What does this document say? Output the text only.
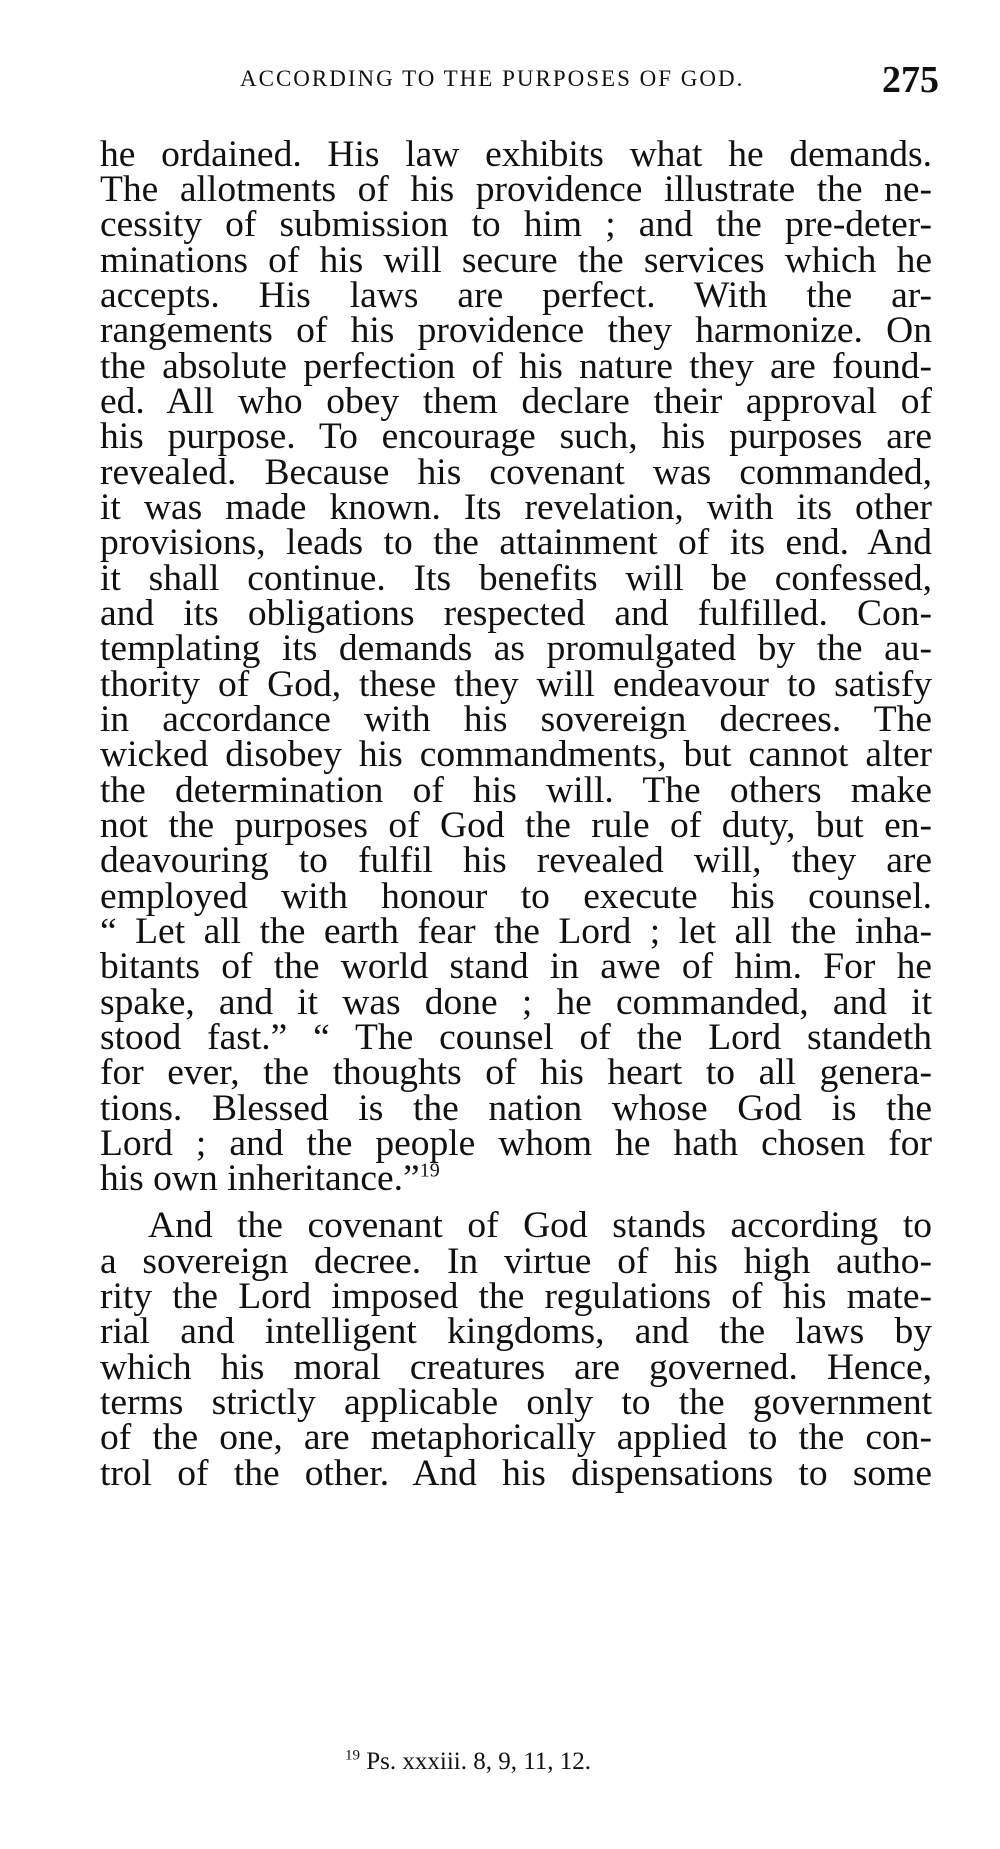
ACCORDING TO THE PURPOSES OF GOD.	275
he ordained. His law exhibits what he demands.
The allotments of his providence illustrate the ne-
cessity of submission to him ; and the pre-deter-
minations of his will secure the services which he
accepts. His laws are perfect. With the ar-
rangements of his providence they harmonize. On
the absolute perfection of his nature they are found-
ed. All who obey them declare their approval of
his purpose. To encourage such, his purposes are
revealed. Because his covenant was commanded,
it was made known. Its revelation, with its other
provisions, leads to the attainment of its end. And
it shall continue. Its benefits will be confessed,
and its obligations respected and fulfilled. Con-
templating its demands as promulgated by the au-
thority of God, these they will endeavour to satisfy
in accordance with his sovereign decrees. The
wicked disobey his commandments, but cannot alter
the determination of his will. The others make
not the purposes of God the rule of duty, but en-
deavouring to fulfil his revealed will, they are
employed with honour to execute his counsel.
“ Let all the earth fear the Lord ; let all the inha-
bitants of the world stand in awe of him. For he
spake, and it was done ; he commanded, and it
stood fast.” “ The counsel of the Lord standeth
for ever, the thoughts of his heart to all genera-
tions. Blessed is the nation whose God is the
Lord ; and the people whom he hath chosen for
his own inheritance.”$^{19}$
And the covenant of God stands according to
a sovereign decree. In virtue of his high autho-
rity the Lord imposed the regulations of his mate-
rial and intelligent kingdoms, and the laws by
which his moral creatures are governed. Hence,
terms strictly applicable only to the government
of the one, are metaphorically applied to the con-
trol of the other. And his dispensations to some
$^{19}$ Ps. xxxiii. 8, 9, 11, 12.
